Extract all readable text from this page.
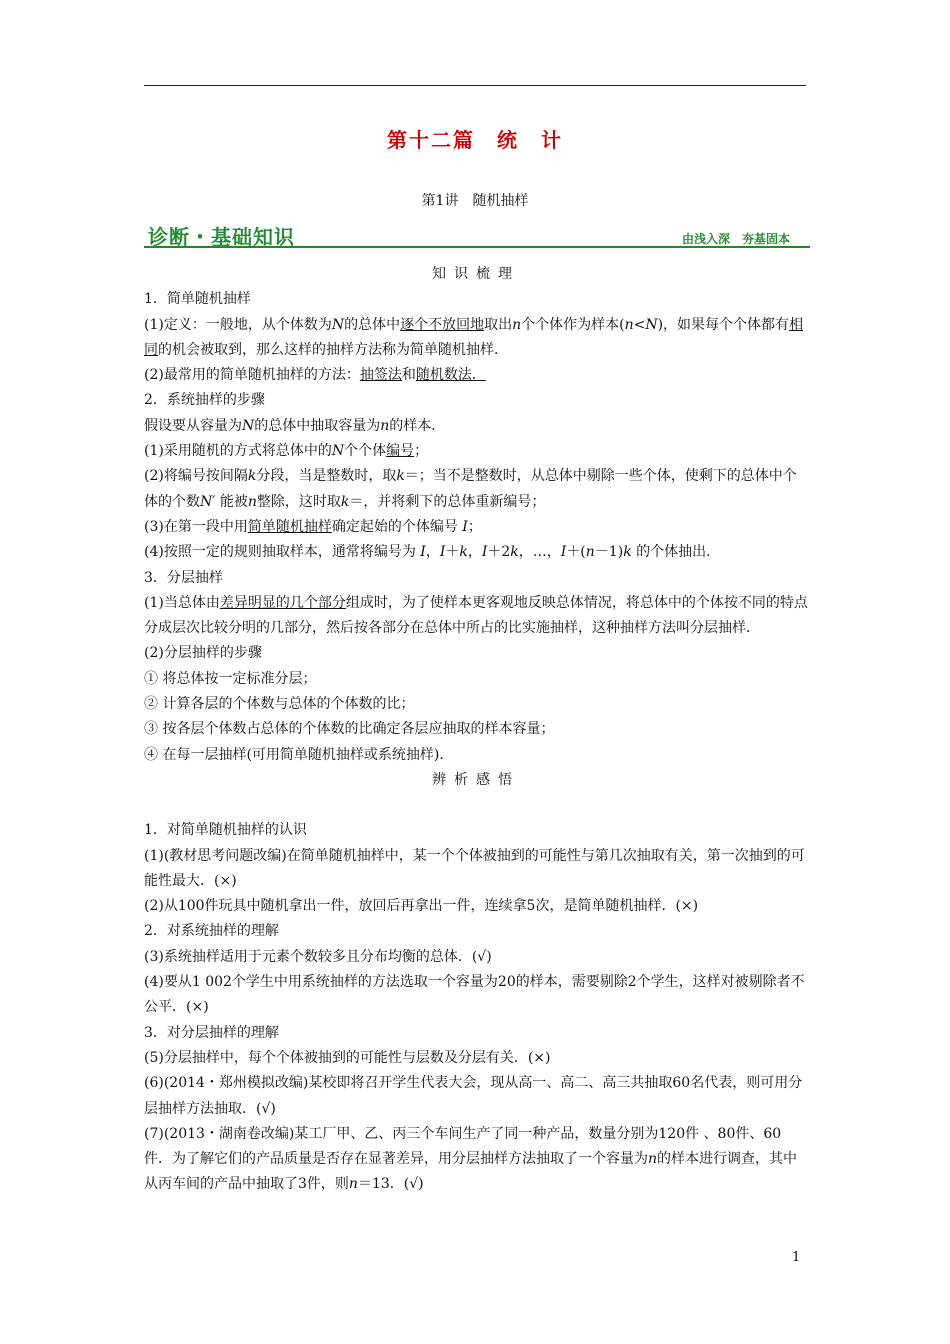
第十二篇　统　计
第1讲　随机抽样
诊断・基础知识	由浅入深　夯基固本

知识梳理

1．简单随机抽样

(1)定义：一般地，从个体数为N的总体中逐个不放回地取出n个个体作为样本(n<N)，如果每个个体都有相同的机会被取到，那么这样的抽样方法称为简单随机抽样．

(2)最常用的简单随机抽样的方法：抽签法和随机数法．

2．系统抽样的步骤

假设要从容量为N的总体中抽取容量为n的样本．

(1)采用随机的方式将总体中的N个个体编号；

(2)将编号按间隔k分段，当是整数时，取k＝；当不是整数时，从总体中剔除一些个体，使剩下的总体中个体的个数N′ 能被n整除，这时取k＝，并将剩下的总体重新编号；

(3)在第一段中用简单随机抽样确定起始的个体编号 I；

(4)按照一定的规则抽取样本，通常将编号为 I，I＋k，I＋2k，…，I＋(n－1)k 的个体抽出．

3．分层抽样

(1)当总体由差异明显的几个部分组成时，为了使样本更客观地反映总体情况，将总体中的个体按不同的特点分成层次比较分明的几部分，然后按各部分在总体中所占的比实施抽样，这种抽样方法叫分层抽样．

(2)分层抽样的步骤

① 将总体按一定标准分层；

② 计算各层的个体数与总体的个体数的比；

③ 按各层个体数占总体的个体数的比确定各层应抽取的样本容量；

④ 在每一层抽样(可用简单随机抽样或系统抽样)．

辨析感悟

1．对简单随机抽样的认识

(1)(教材思考问题改编)在简单随机抽样中，某一个个体被抽到的可能性与第几次抽取有关，第一次抽到的可能性最大．(×)

(2)从100件玩具中随机拿出一件，放回后再拿出一件，连续拿5次，是简单随机抽样．(×)

2．对系统抽样的理解

(3)系统抽样适用于元素个数较多且分布均衡的总体．(√)

(4)要从1 002个学生中用系统抽样的方法选取一个容量为20的样本，需要剔除2个学生，这样对被剔除者不公平．(×)

3．对分层抽样的理解

(5)分层抽样中，每个个体被抽到的可能性与层数及分层有关．(×)

(6)(2014・郑州模拟改编)某校即将召开学生代表大会，现从高一、高二、高三共抽取60名代表，则可用分层抽样方法抽取．(√)

(7)(2013・湖南卷改编)某工厂甲、乙、丙三个车间生产了同一种产品，数量分别为120件 、80件、60件．为了解它们的产品质量是否存在显著差异，用分层抽样方法抽取了一个容量为n的样本进行调查，其中从丙车间的产品中抽取了3件，则n＝13．(√)

1
